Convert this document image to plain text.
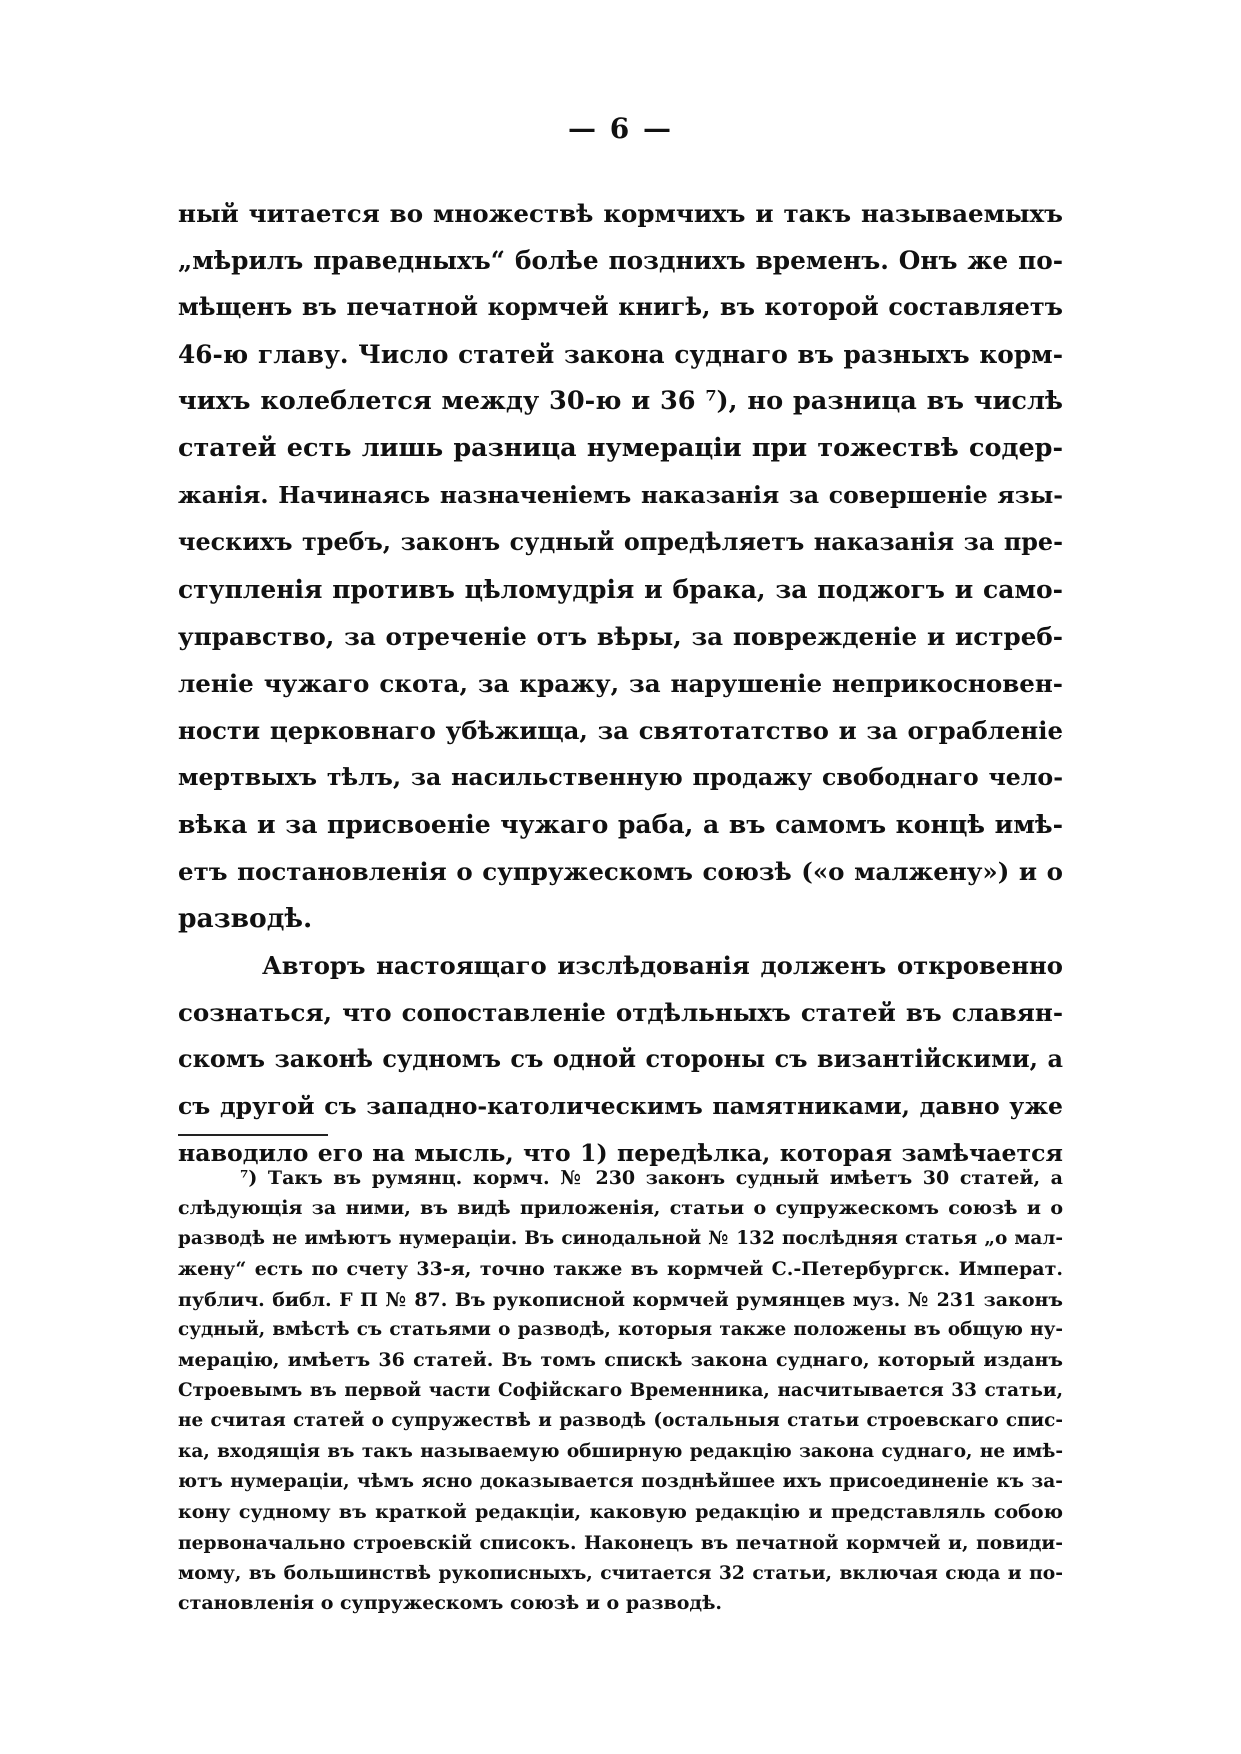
— 6 —
ный читается во множествѣ кормчихъ и такъ называемыхъ
„мѣрилъ праведныхъ“ болѣе позднихъ временъ. Онъ же по-
мѣщенъ въ печатной кормчей книгѣ, въ которой составляетъ
46-ю главу. Число статей закона суднаго въ разныхъ корм-
чихъ колеблется между 30-ю и 36 ⁷), но разница въ числѣ
статей есть лишь разница нумераціи при тожествѣ содер-
жанія. Начинаясь назначеніемъ наказанія за совершеніе язы-
ческихъ требъ, законъ судный опредѣляетъ наказанія за пре-
ступленія противъ цѣломудрія и брака, за поджогъ и само-
управство, за отреченіе отъ вѣры, за поврежденіе и истреб-
леніе чужаго скота, за кражу, за нарушеніе неприкосновен-
ности церковнаго убѣжища, за святотатство и за ограбленіе
мертвыхъ тѣлъ, за насильственную продажу свободнаго чело-
вѣка и за присвоеніе чужаго раба, а въ самомъ концѣ имѣ-
етъ постановленія о супружескомъ союзѣ («о малжену») и о
разводѣ.
Авторъ настоящаго изслѣдованія долженъ откровенно
сознаться, что сопоставленіе отдѣльныхъ статей въ славян-
скомъ законѣ судномъ съ одной стороны съ византійскими, а
съ другой съ западно-католическимъ памятниками, давно уже
наводило его на мысль, что 1) передѣлка, которая замѣчается
⁷) Такъ въ румянц. кормч. № 230 законъ судный имѣетъ 30 статей, а
слѣдующія за ними, въ видѣ приложенія, статьи о супружескомъ союзѣ и о
разводѣ не имѣютъ нумераціи. Въ синодальной № 132 послѣдняя статья „о мал-
жену“ есть по счету 33-я, точно также въ кормчей С.-Петербургск. Императ.
публич. библ. F П № 87. Въ рукописной кормчей румянцев муз. № 231 законъ
судный, вмѣстѣ съ статьями о разводѣ, которыя также положены въ общую ну-
мерацію, имѣетъ 36 статей. Въ томъ спискѣ закона суднаго, который изданъ
Строевымъ въ первой части Софійскаго Временника, насчитывается 33 статьи,
не считая статей о супружествѣ и разводѣ (остальныя статьи строевскаго спис-
ка, входящія въ такъ называемую обширную редакцію закона суднаго, не имѣ-
ютъ нумераціи, чѣмъ ясно доказывается позднѣйшее ихъ присоединеніе къ за-
кону судному въ краткой редакціи, каковую редакцію и представляль собою
первоначально строевскій списокъ. Наконецъ въ печатной кормчей и, повиди-
мому, въ большинствѣ рукописныхъ, считается 32 статьи, включая сюда и по-
становленія о супружескомъ союзѣ и о разводѣ.
